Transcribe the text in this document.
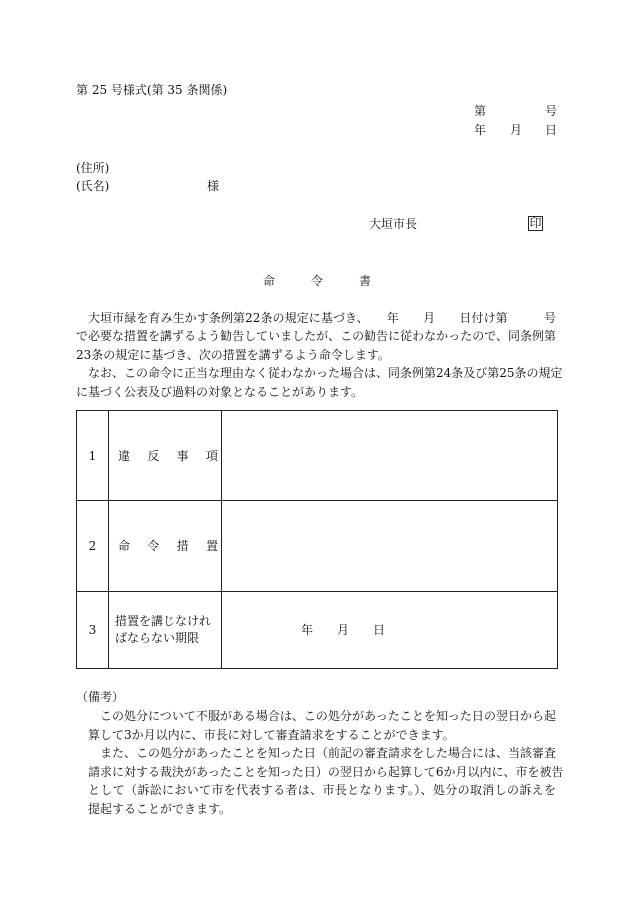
第 25 号様式(第 35 条関係)
第	号
年 月 日
(住所)
(氏名)	様
大垣市長	印
命　　　令　　　書
大垣市緑を育み生かす条例第22条の規定に基づき、　　年　　月　　日付け第　　　号
で必要な措置を講ずるよう勧告していましたが、この勧告に従わなかったので、同条例第
23条の規定に基づき、次の措置を講ずるよう命令します。
なお、この命令に正当な理由なく従わなかった場合は、同条例第24条及び第25条の規定
に基づく公表及び過料の対象となることがあります。
1	違反事項	
2	命令措置	
3	措置を講じなければならない期限	年　　月　　日
（備考）
この処分について不服がある場合は、この処分があったことを知った日の翌日から起
算して3か月以内に、市長に対して審査請求をすることができます。
また、この処分があったことを知った日（前記の審査請求をした場合には、当該審査
請求に対する裁決があったことを知った日）の翌日から起算して6か月以内に、市を被告
として（訴訟において市を代表する者は、市長となります。）、処分の取消しの訴えを
提起することができます。
